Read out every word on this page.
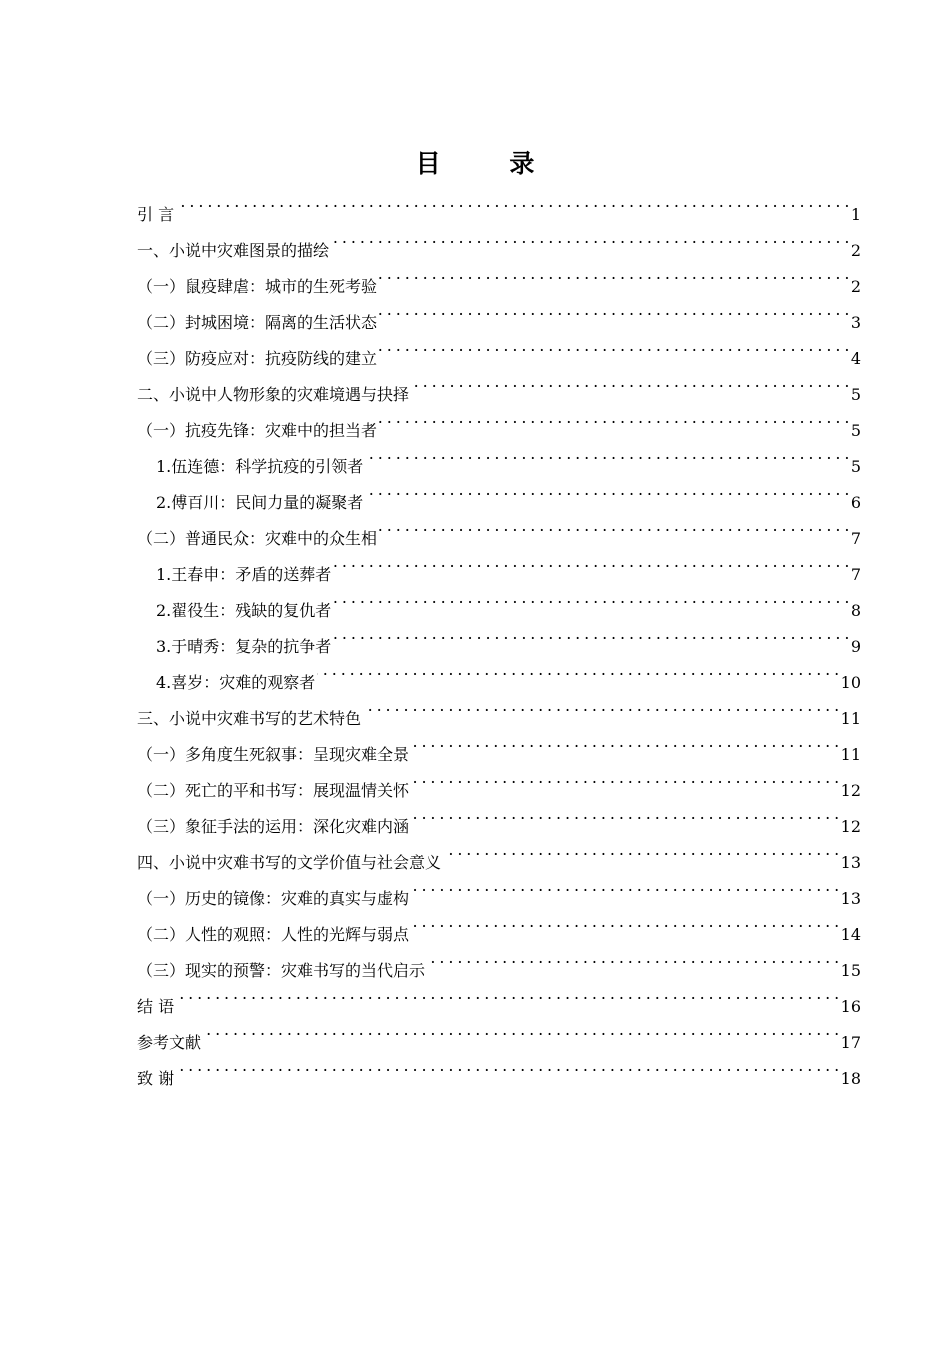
目 录
引 言 . . .	1
一、小说中灾难图景的描绘 . . .	2
（一）鼠疫肆虐：城市的生死考验 . . .	2
（二）封城困境：隔离的生活状态 . . .	3
（三）防疫应对：抗疫防线的建立 . . .	4
二、小说中人物形象的灾难境遇与抉择 . . .	5
（一）抗疫先锋：灾难中的担当者 . . .	5
1.伍连德：科学抗疫的引领者 . . .	5
2.傅百川：民间力量的凝聚者 . . .	6
（二）普通民众：灾难中的众生相 . . .	7
1.王春申：矛盾的送葬者 . . .	7
2.翟役生：残缺的复仇者 . . .	8
3.于晴秀：复杂的抗争者 . . .	9
4.喜岁：灾难的观察者 . . .	10
三、小说中灾难书写的艺术特色 . . .	11
（一）多角度生死叙事：呈现灾难全景 . . .	11
（二）死亡的平和书写：展现温情关怀 . . .	12
（三）象征手法的运用：深化灾难内涵 . . .	12
四、小说中灾难书写的文学价值与社会意义 . . .	13
（一）历史的镜像：灾难的真实与虚构 . . .	13
（二）人性的观照：人性的光辉与弱点 . . .	14
（三）现实的预警：灾难书写的当代启示 . . .	15
结 语 . . .	16
参考文献 . . .	17
致 谢 . . .	18
